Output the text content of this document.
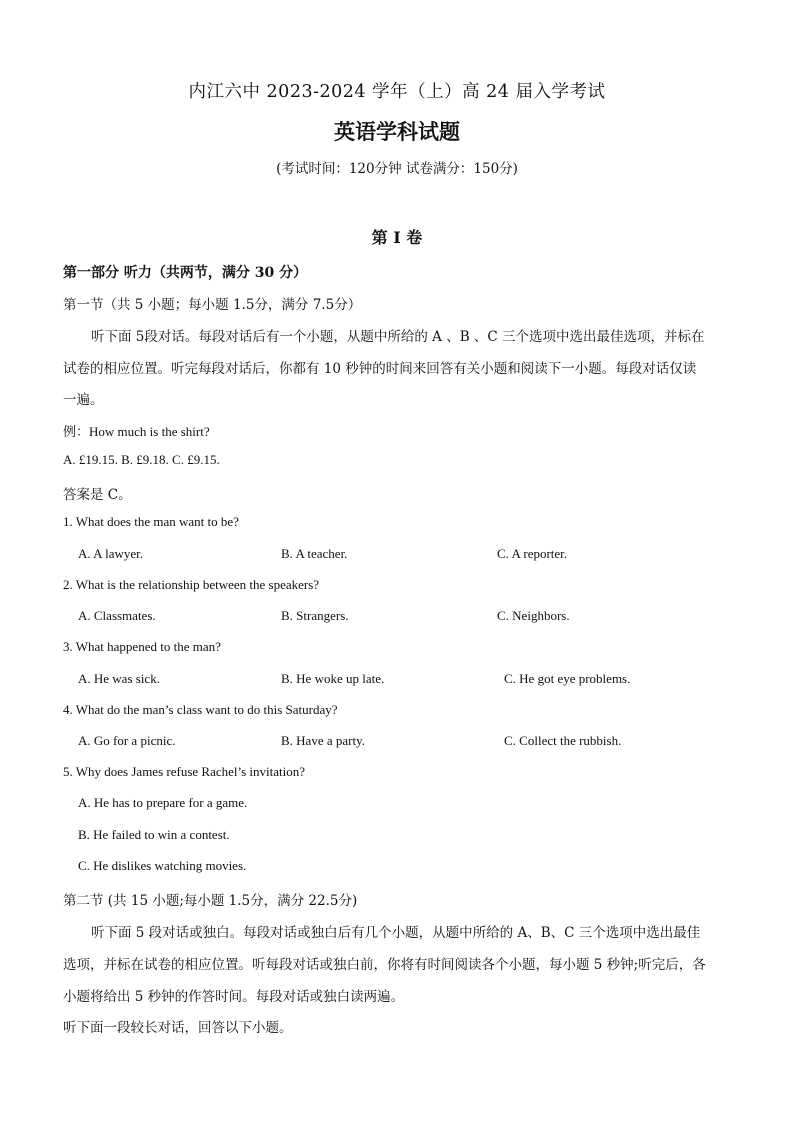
内江六中 2023-2024 学年（上）高 24 届入学考试
英语学科试题
(考试时间：120分钟 试卷满分：150分)
第 I 卷
第一部分 听力（共两节，满分 30 分）
第一节（共 5 小题；每小题 1.5分，满分 7.5分）
听下面 5段对话。每段对话后有一个小题，从题中所给的 A 、B 、C 三个选项中选出最佳选项，并标在
试卷的相应位置。听完每段对话后，你都有 10 秒钟的时间来回答有关小题和阅读下一小题。每段对话仅读
一遍。
例：How much is the shirt?
A. £19.15. B. £9.18. C. £9.15.
答案是 C。
1. What does the man want to be?
A. A lawyer.	B. A teacher.	C. A reporter.
2. What is the relationship between the speakers?
A. Classmates.	B. Strangers.	C. Neighbors.
3. What happened to the man?
A. He was sick.	B. He woke up late.	C. He got eye problems.
4. What do the man’s class want to do this Saturday?
A. Go for a picnic.	B. Have a party.	C. Collect the rubbish.
5. Why does James refuse Rachel’s invitation?
A. He has to prepare for a game.
B. He failed to win a contest.
C. He dislikes watching movies.
第二节 (共 15 小题;每小题 1.5分，满分 22.5分)
听下面 5 段对话或独白。每段对话或独白后有几个小题，从题中所给的 A、B、C 三个选项中选出最佳
选项，并标在试卷的相应位置。听每段对话或独白前，你将有时间阅读各个小题，每小题 5 秒钟;听完后，各
小题将给出 5 秒钟的作答时间。每段对话或独白读两遍。
听下面一段较长对话，回答以下小题。
